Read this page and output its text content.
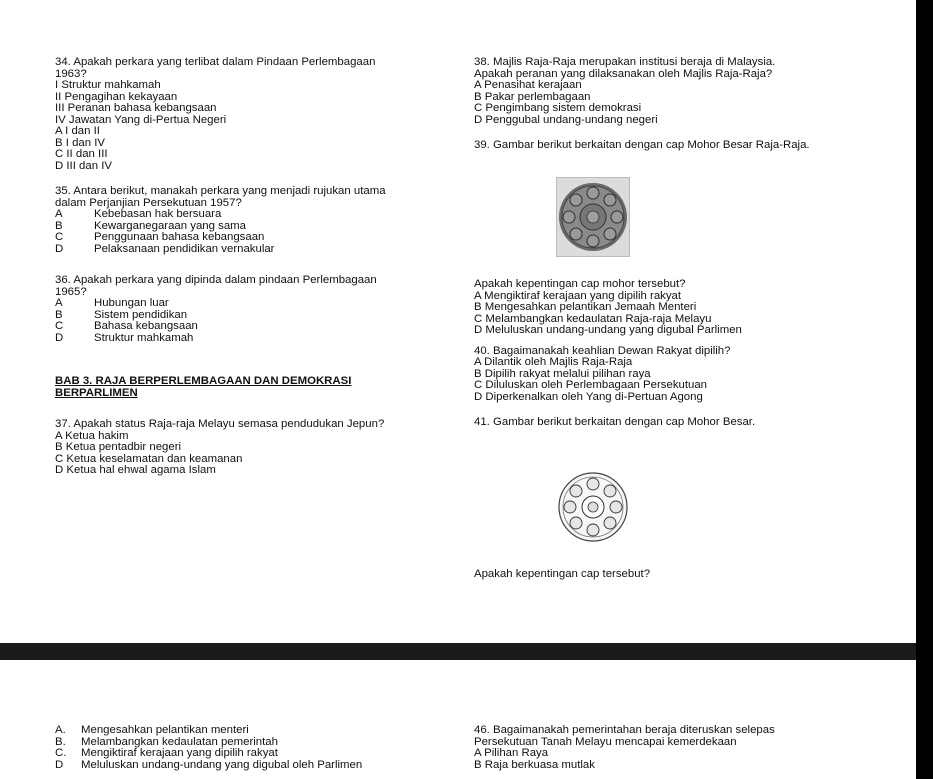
34. Apakah perkara yang terlibat dalam Pindaan Perlembagaan
1963?
I Struktur mahkamah
II Pengagihan kekayaan
III Peranan bahasa kebangsaan
IV Jawatan Yang di-Pertua Negeri
A I dan II
B I dan IV
C II dan III
D III dan IV
35. Antara berikut, manakah perkara yang menjadi rujukan utama
dalam Perjanjian Persekutuan 1957?
A	Kebebasan hak bersuara
B	Kewarganegaraan yang sama
C	Penggunaan bahasa kebangsaan
D	Pelaksanaan pendidikan vernakular
36. Apakah perkara yang dipinda dalam pindaan Perlembagaan
1965?
A	Hubungan luar
B	Sistem pendidikan
C	Bahasa kebangsaan
D	Struktur mahkamah
BAB 3. RAJA BERPERLEMBAGAAN DAN DEMOKRASI
BERPARLIMEN
37. Apakah status Raja-raja Melayu semasa pendudukan Jepun?
A Ketua hakim
B Ketua pentadbir negeri
C Ketua keselamatan dan keamanan
D Ketua hal ehwal agama Islam
38. Majlis Raja-Raja merupakan institusi beraja di Malaysia.
Apakah peranan yang dilaksanakan oleh Majlis Raja-Raja?
A Penasihat kerajaan
B Pakar perlembagaan
C Pengimbang sistem demokrasi
D Penggubal undang-undang negeri
39. Gambar berikut berkaitan dengan cap Mohor Besar Raja-Raja.
Apakah kepentingan cap mohor tersebut?
A Mengiktiraf kerajaan yang dipilih rakyat
B Mengesahkan pelantikan Jemaah Menteri
C Melambangkan kedaulatan Raja-raja Melayu
D Meluluskan undang-undang yang digubal Parlimen
40. Bagaimanakah keahlian Dewan Rakyat dipilih?
A Dilantik oleh Majlis Raja-Raja
B Dipilih rakyat melalui pilihan raya
C Diluluskan oleh Perlembagaan Persekutuan
D Diperkenalkan oleh Yang di-Pertuan Agong
41. Gambar berikut berkaitan dengan cap Mohor Besar.
Apakah kepentingan cap tersebut?
A.	Mengesahkan pelantikan menteri
B.	Melambangkan kedaulatan pemerintah
C.	Mengiktiraf kerajaan yang dipilih rakyat
D	Meluluskan undang-undang yang digubal oleh Parlimen
46. Bagaimanakah pemerintahan beraja diteruskan selepas
Persekutuan Tanah Melayu mencapai kemerdekaan
A Pilihan Raya
B Raja berkuasa mutlak
